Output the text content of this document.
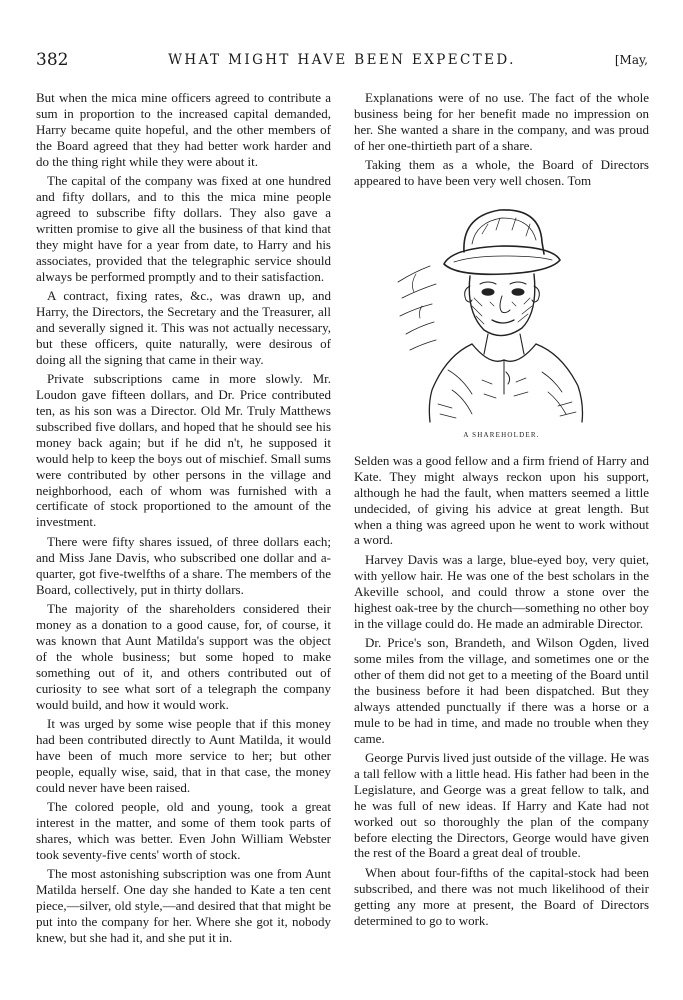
382	WHAT MIGHT HAVE BEEN EXPECTED.	[May,

But when the mica mine officers agreed to contribute a sum in proportion to the increased capital demanded, Harry became quite hopeful, and the other members of the Board agreed that they had better work harder and do the thing right while they were about it.

The capital of the company was fixed at one hundred and fifty dollars, and to this the mica mine people agreed to subscribe fifty dollars. They also gave a written promise to give all the business of that kind that they might have for a year from date, to Harry and his associates, provided that the telegraphic service should always be performed promptly and to their satisfaction.

A contract, fixing rates, &c., was drawn up, and Harry, the Directors, the Secretary and the Treasurer, all and severally signed it. This was not actually necessary, but these officers, quite naturally, were desirous of doing all the signing that came in their way.

Private subscriptions came in more slowly. Mr. Loudon gave fifteen dollars, and Dr. Price contributed ten, as his son was a Director. Old Mr. Truly Matthews subscribed five dollars, and hoped that he should see his money back again; but if he did n't, he supposed it would help to keep the boys out of mischief. Small sums were contributed by other persons in the village and neighborhood, each of whom was furnished with a certificate of stock proportioned to the amount of the investment.

There were fifty shares issued, of three dollars each; and Miss Jane Davis, who subscribed one dollar and a-quarter, got five-twelfths of a share. The members of the Board, collectively, put in thirty dollars.

The majority of the shareholders considered their money as a donation to a good cause, for, of course, it was known that Aunt Matilda's support was the object of the whole business; but some hoped to make something out of it, and others contributed out of curiosity to see what sort of a telegraph the company would build, and how it would work.

It was urged by some wise people that if this money had been contributed directly to Aunt Matilda, it would have been of much more service to her; but other people, equally wise, said, that in that case, the money could never have been raised.

The colored people, old and young, took a great interest in the matter, and some of them took parts of shares, which was better. Even John William Webster took seventy-five cents' worth of stock.

The most astonishing subscription was one from Aunt Matilda herself. One day she handed to Kate a ten cent piece,—silver, old style,—and desired that that might be put into the company for her. Where she got it, nobody knew, but she had it, and she put it in.

Explanations were of no use. The fact of the whole business being for her benefit made no impression on her. She wanted a share in the company, and was proud of her one-thirtieth part of a share.

Taking them as a whole, the Board of Directors appeared to have been very well chosen. Tom

A SHAREHOLDER.

Selden was a good fellow and a firm friend of Harry and Kate. They might always reckon upon his support, although he had the fault, when matters seemed a little undecided, of giving his advice at great length. But when a thing was agreed upon he went to work without a word.

Harvey Davis was a large, blue-eyed boy, very quiet, with yellow hair. He was one of the best scholars in the Akeville school, and could throw a stone over the highest oak-tree by the church—something no other boy in the village could do. He made an admirable Director.

Dr. Price's son, Brandeth, and Wilson Ogden, lived some miles from the village, and sometimes one or the other of them did not get to a meeting of the Board until the business before it had been dispatched. But they always attended punctually if there was a horse or a mule to be had in time, and made no trouble when they came.

George Purvis lived just outside of the village. He was a tall fellow with a little head. His father had been in the Legislature, and George was a great fellow to talk, and he was full of new ideas. If Harry and Kate had not worked out so thoroughly the plan of the company before electing the Directors, George would have given the rest of the Board a great deal of trouble.

When about four-fifths of the capital-stock had been subscribed, and there was not much likelihood of their getting any more at present, the Board of Directors determined to go to work.
